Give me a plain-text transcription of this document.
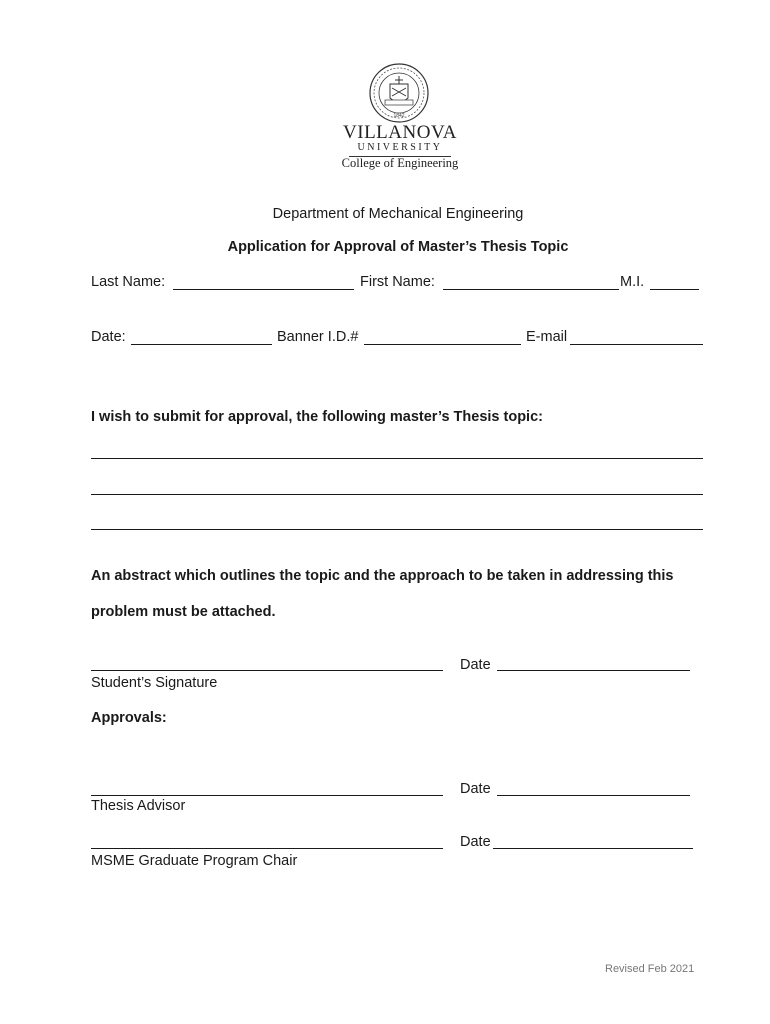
1842
VILLANOVA
UNIVERSITY
College of Engineering
Department of Mechanical Engineering
Application for Approval of Master’s Thesis Topic
Last Name:	First Name:	M.I.
Date:	Banner I.D.#	E-mail
I wish to submit for approval, the following master’s Thesis topic:
An abstract which outlines the topic and the approach to be taken in addressing this
problem must be attached.
Date
Student’s Signature
Approvals:
Date
Thesis Advisor
Date
MSME Graduate Program Chair
Revised Feb 2021
